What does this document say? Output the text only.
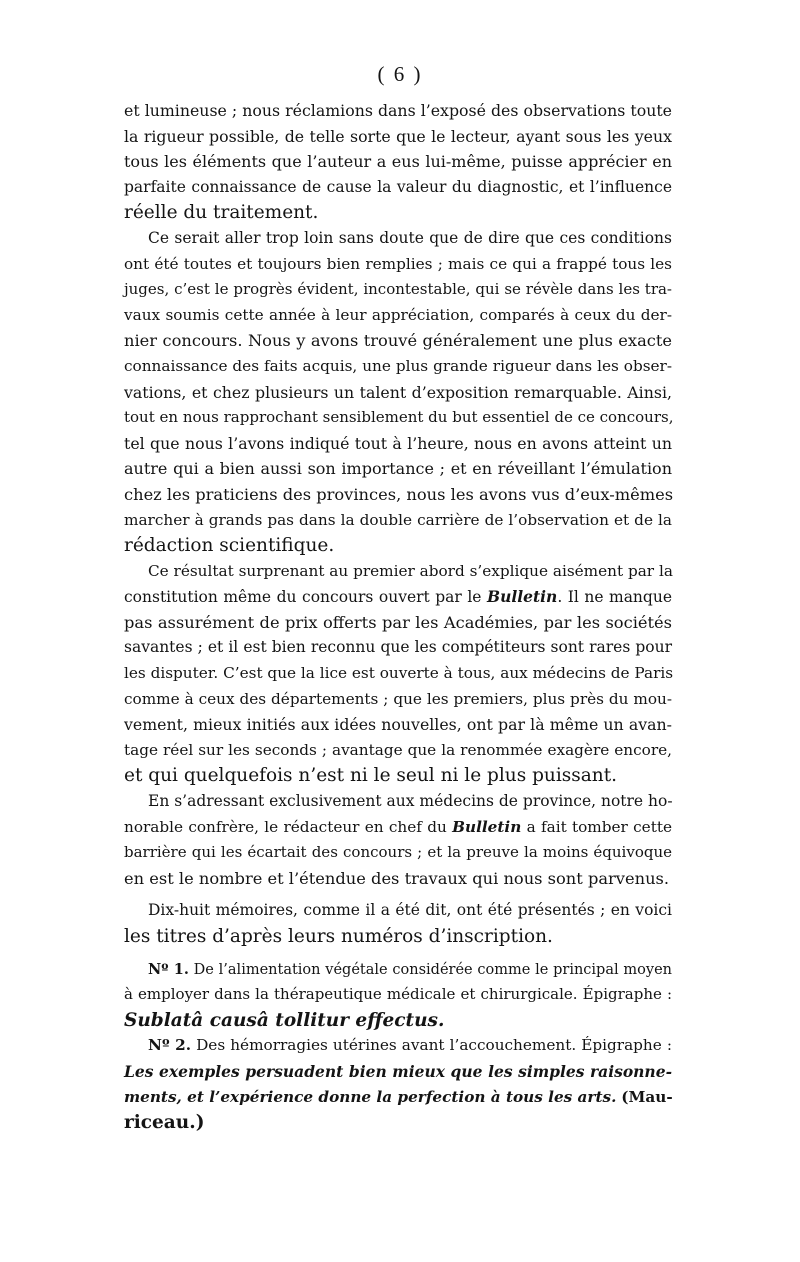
( 6 )
et lumineuse ; nous réclamions dans l’exposé des observations toute
la rigueur possible, de telle sorte que le lecteur, ayant sous les yeux
tous les éléments que l’auteur a eus lui-même, puisse apprécier en
parfaite connaissance de cause la valeur du diagnostic, et l’influence
réelle du traitement.
Ce serait aller trop loin sans doute que de dire que ces conditions
ont été toutes et toujours bien remplies ; mais ce qui a frappé tous les
juges, c’est le progrès évident, incontestable, qui se révèle dans les tra-
vaux soumis cette année à leur appréciation, comparés à ceux du der-
nier concours. Nous y avons trouvé généralement une plus exacte
connaissance des faits acquis, une plus grande rigueur dans les obser-
vations, et chez plusieurs un talent d’exposition remarquable. Ainsi,
tout en nous rapprochant sensiblement du but essentiel de ce concours,
tel que nous l’avons indiqué tout à l’heure, nous en avons atteint un
autre qui a bien aussi son importance ; et en réveillant l’émulation
chez les praticiens des provinces, nous les avons vus d’eux-mêmes
marcher à grands pas dans la double carrière de l’observation et de la
rédaction scientifique.
Ce résultat surprenant au premier abord s’explique aisément par la
constitution même du concours ouvert par le Bulletin. Il ne manque
pas assurément de prix offerts par les Académies, par les sociétés
savantes ; et il est bien reconnu que les compétiteurs sont rares pour
les disputer. C’est que la lice est ouverte à tous, aux médecins de Paris
comme à ceux des départements ; que les premiers, plus près du mou-
vement, mieux initiés aux idées nouvelles, ont par là même un avan-
tage réel sur les seconds ; avantage que la renommée exagère encore,
et qui quelquefois n’est ni le seul ni le plus puissant.
En s’adressant exclusivement aux médecins de province, notre ho-
norable confrère, le rédacteur en chef du Bulletin a fait tomber cette
barrière qui les écartait des concours ; et la preuve la moins équivoque
en est le nombre et l’étendue des travaux qui nous sont parvenus.
Dix-huit mémoires, comme il a été dit, ont été présentés ; en voici
les titres d’après leurs numéros d’inscription.
Nº 1. De l’alimentation végétale considérée comme le principal moyen
à employer dans la thérapeutique médicale et chirurgicale. Épigraphe :
Sublatâ causâ tollitur effectus.
Nº 2. Des hémorragies utérines avant l’accouchement. Épigraphe :
Les exemples persuadent bien mieux que les simples raisonne-
ments, et l’expérience donne la perfection à tous les arts. (Mau-
riceau.)
